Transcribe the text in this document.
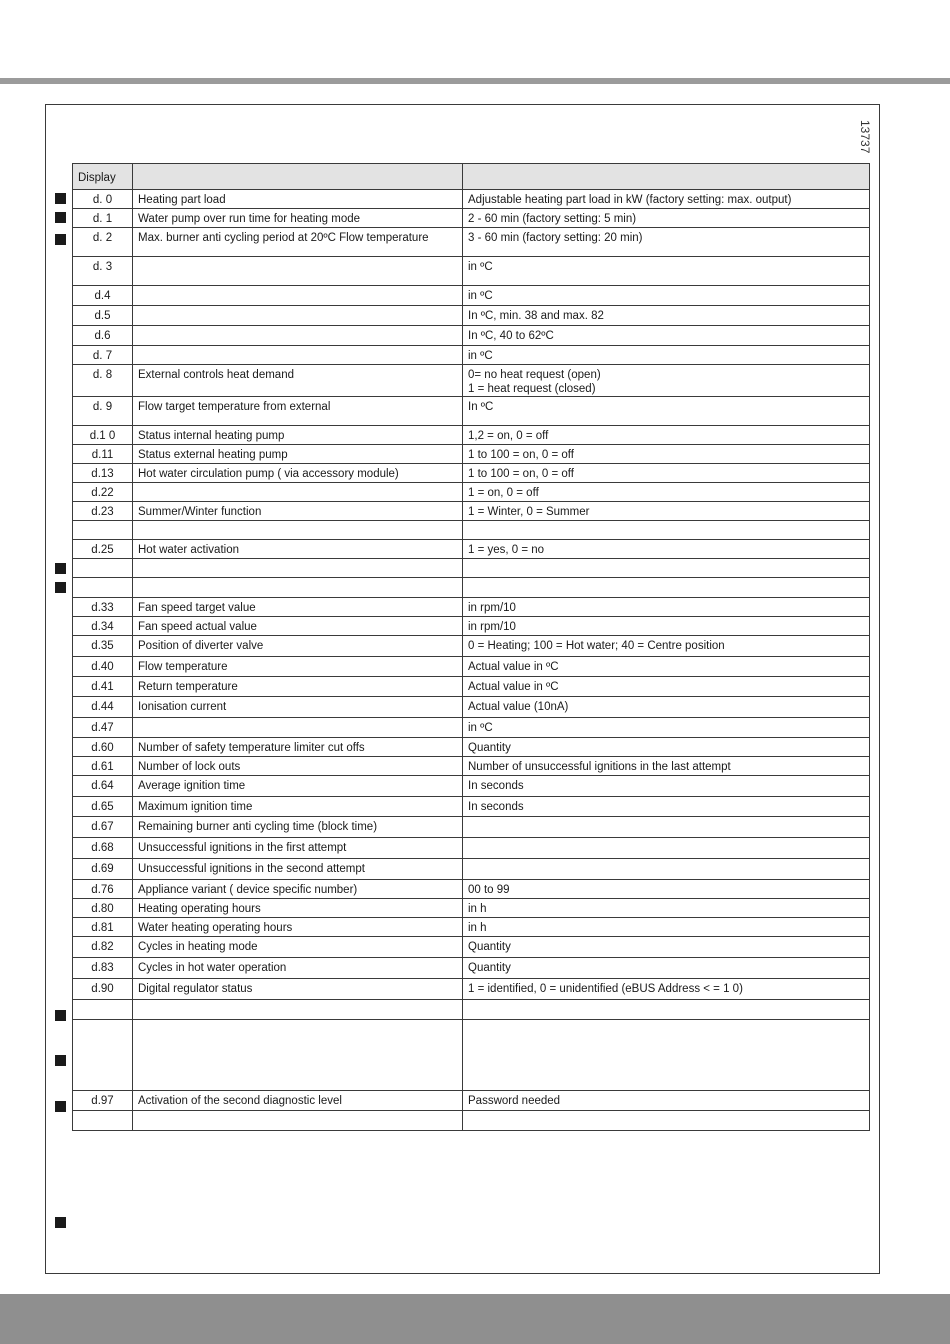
13737
Display		
d. 0	Heating part load	Adjustable heating part load in kW (factory setting: max. output)
d. 1	Water pump over run time for heating mode	2 - 60 min (factory setting: 5 min)
d. 2	Max. burner anti cycling period at 20ºC Flow temperature	3 - 60 min (factory setting: 20 min)
d. 3		in ºC
d.4		in ºC
d.5		In ºC, min. 38 and max. 82
d.6		In ºC, 40 to 62ºC
d. 7		in ºC
d. 8	External controls heat demand	0= no heat request (open)
1 = heat request (closed)
d. 9	Flow target temperature from external	In ºC
d.1 0	Status internal heating pump	1,2 = on, 0 = off
d.11	Status external heating pump	1 to 100 = on, 0 = off
d.13	Hot water circulation pump ( via accessory module)	1 to 100 = on, 0 = off
d.22		1 = on, 0 = off
d.23	Summer/Winter function	1 = Winter, 0 = Summer

d.25	Hot water activation	1 = yes, 0 = no

d.33	Fan speed target value	in rpm/10
d.34	Fan speed actual value	in rpm/10
d.35	Position of diverter valve	0 = Heating; 100 = Hot water; 40 = Centre position
d.40	Flow temperature	Actual value in ºC
d.41	Return temperature	Actual value in ºC
d.44	Ionisation current	Actual value (10nA)
d.47		in ºC
d.60	Number of safety temperature limiter cut offs	Quantity
d.61	Number of lock outs	Number of unsuccessful ignitions in the last attempt
d.64	Average ignition time	In seconds
d.65	Maximum ignition time	In seconds
d.67	Remaining burner anti cycling time (block time)	
d.68	Unsuccessful ignitions in the first attempt	
d.69	Unsuccessful ignitions in the second attempt	
d.76	Appliance variant ( device specific number)	00 to 99
d.80	Heating operating hours	in h
d.81	Water heating operating hours	in h
d.82	Cycles in heating mode	Quantity
d.83	Cycles in hot water operation	Quantity
d.90	Digital regulator status	1 = identified, 0 = unidentified (eBUS Address < = 1 0)

d.97	Activation of the second diagnostic level	Password needed
